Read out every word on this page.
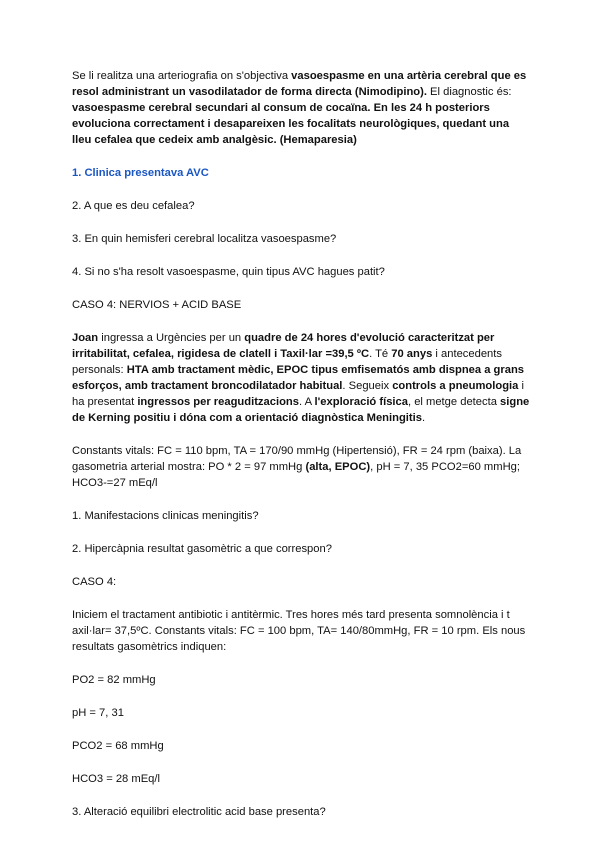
Se li realitza una arteriografia on s'objectiva vasoespasme en una artèria cerebral que es resol administrant un vasodilatador de forma directa (Nimodipino). El diagnostic és: vasoespasme cerebral secundari al consum de cocaïna. En les 24 h posteriors evoluciona correctament i desapareixen les focalitats neurològiques, quedant una lleu cefalea que cedeix amb analgèsic. (Hemaparesia)

1. Clinica presentava AVC

2. A que es deu cefalea?

3. En quin hemisferi cerebral localitza vasoespasme?

4. Si no s'ha resolt vasoespasme, quin tipus AVC hagues patit?

CASO 4: NERVIOS + ACID BASE

Joan ingressa a Urgències per un quadre de 24 hores d'evolució caracteritzat per irritabilitat, cefalea, rigidesa de clatell i Taxil·lar =39,5 ºC. Té 70 anys i antecedents personals: HTA amb tractament mèdic, EPOC tipus emfisematós amb dispnea a grans esforços, amb tractament broncodilatador habitual. Segueix controls a pneumologia i ha presentat ingressos per reaguditzacions. A l'exploració física, el metge detecta signe de Kerning positiu i dóna com a orientació diagnòstica Meningitis.

Constants vitals: FC = 110 bpm, TA = 170/90 mmHg (Hipertensió), FR = 24 rpm (baixa). La gasometria arterial mostra: PO * 2 = 97 mmHg (alta, EPOC), pH = 7, 35 PCO2=60 mmHg; HCO3-=27 mEq/l

1. Manifestacions clinicas meningitis?

2. Hipercàpnia resultat gasomètric a que correspon?

CASO 4:

Iniciem el tractament antibiotic i antitèrmic. Tres hores més tard presenta somnolència i t axil·lar= 37,5ºC. Constants vitals: FC = 100 bpm, TA= 140/80mmHg, FR = 10 rpm. Els nous resultats gasomètrics indiquen:

PO2 = 82 mmHg

pH = 7, 31

PCO2 = 68 mmHg

HCO3 = 28 mEq/l

3. Alteració equilibri electrolitic acid base presenta?
